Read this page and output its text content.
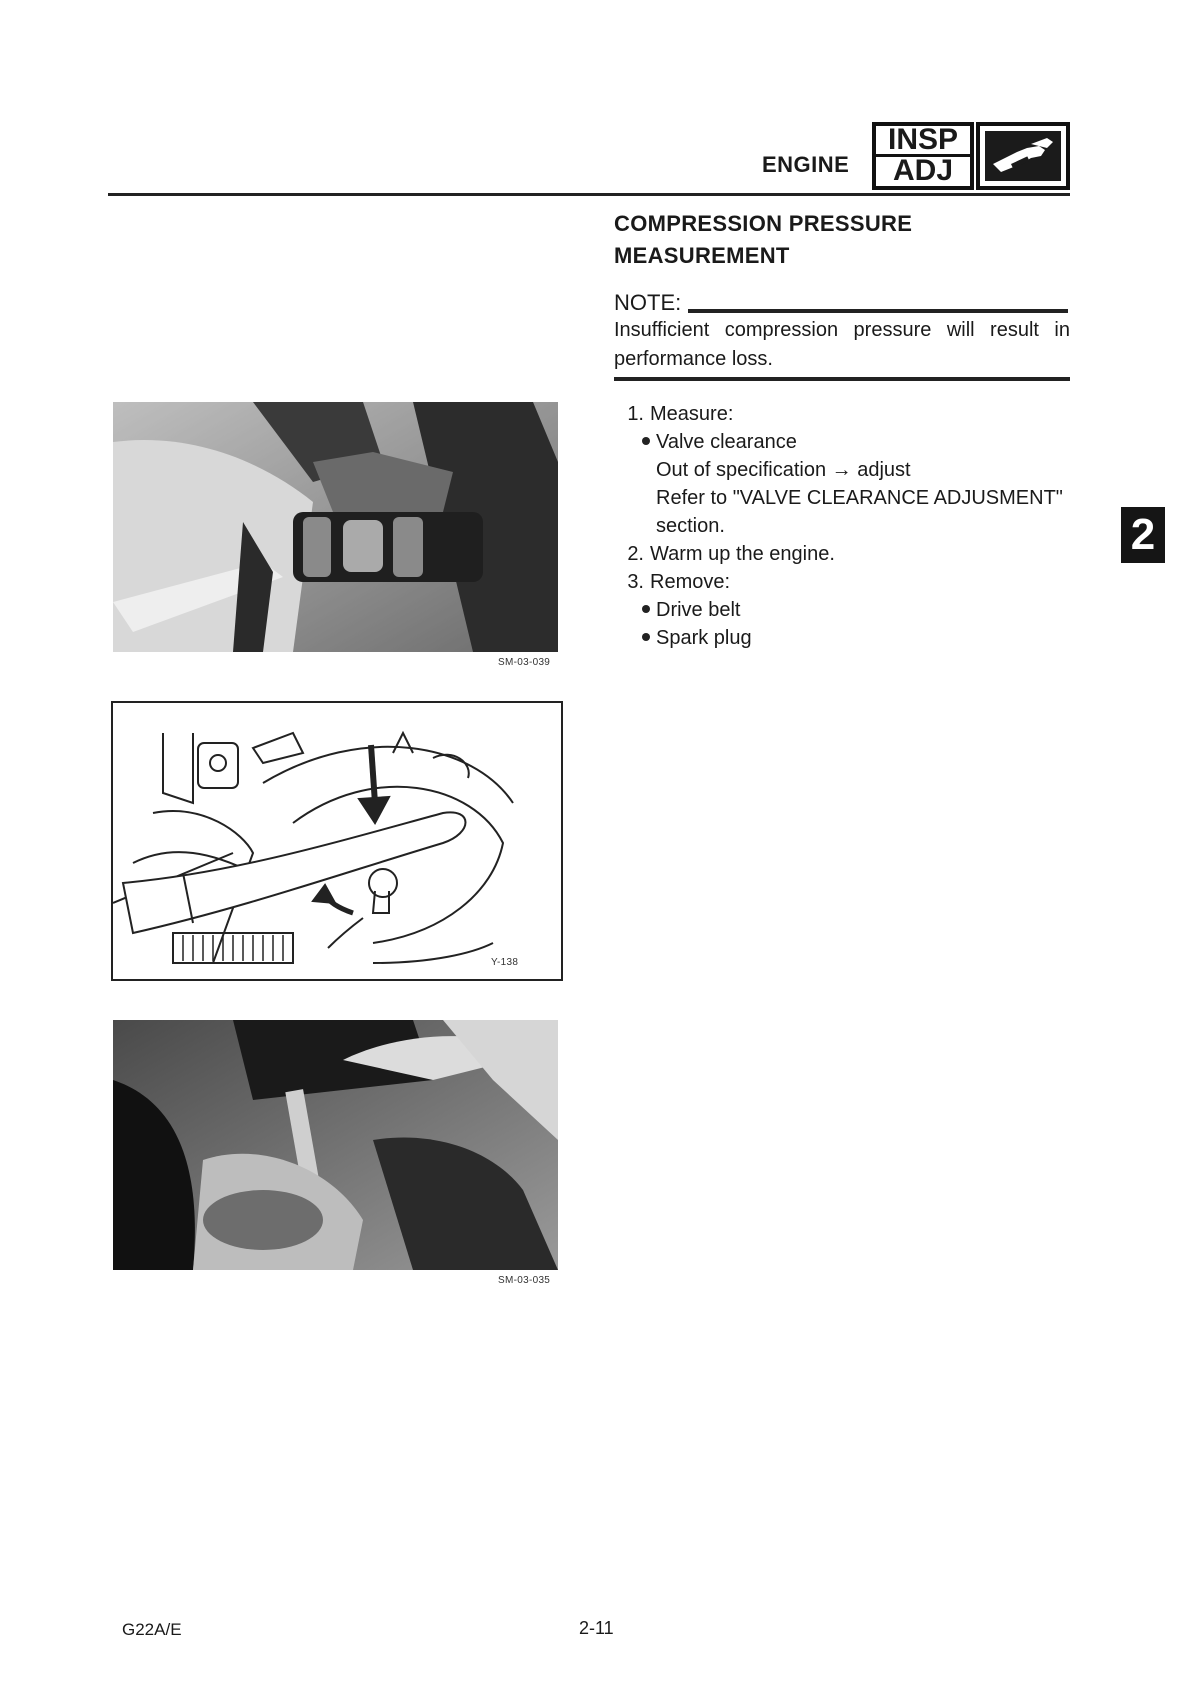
ENGINE
INSP
ADJ
COMPRESSION PRESSURE
MEASUREMENT
NOTE:
Insufficient compression pressure will result in performance loss.
1. Measure:
Valve clearance
Out of specification → adjust
Refer to "VALVE CLEARANCE ADJUSMENT"
section.
2. Warm up the engine.
3. Remove:
Drive belt
Spark plug
2
SM-03-039
Y-138
SM-03-035
G22A/E	2-11
